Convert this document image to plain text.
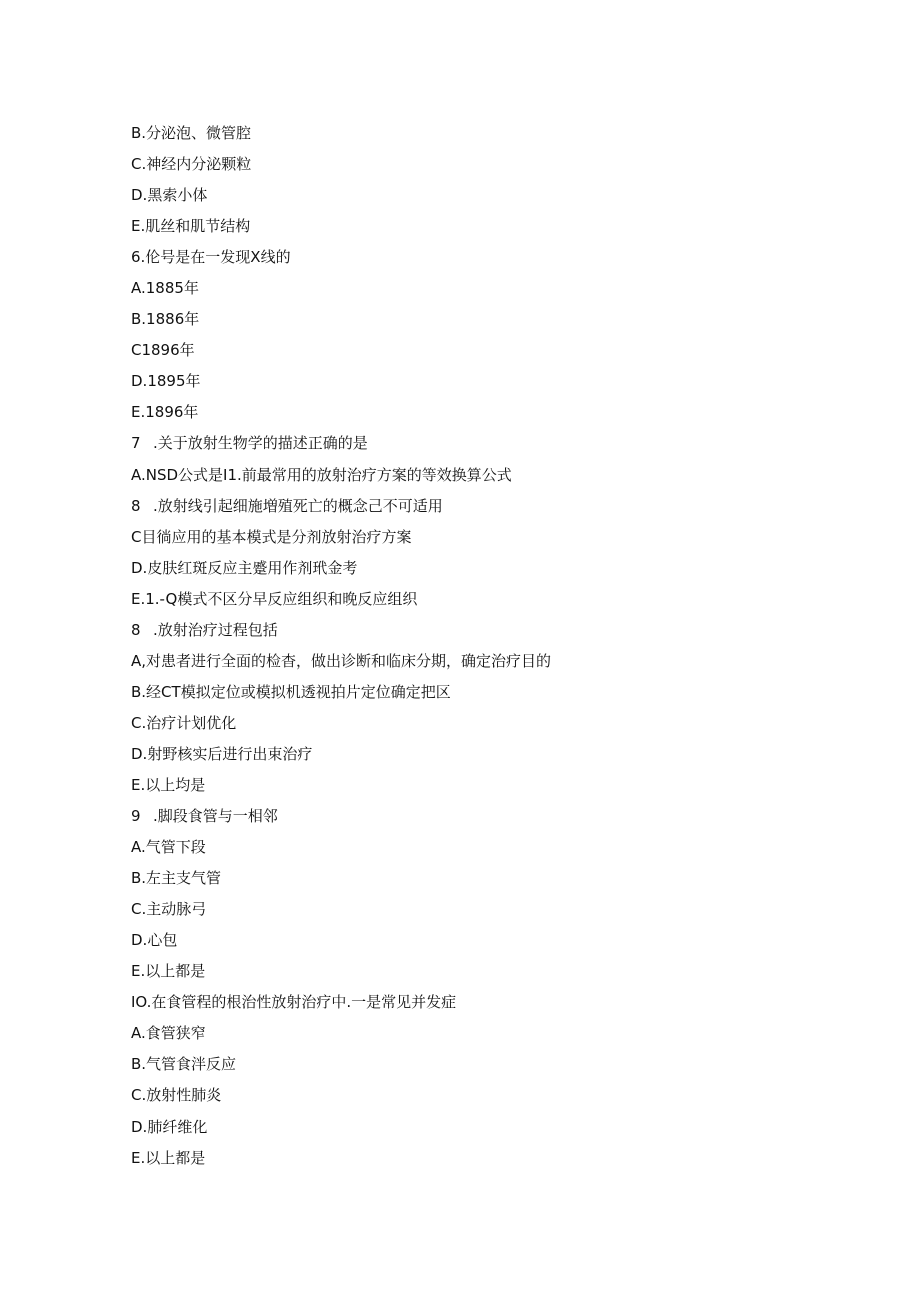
B.分泌泡、微管腔
C.神经内分泌颗粒
D.黑索小体
E.肌丝和肌节结构
6.伦号是在一发现X线的
A.1885年
B.1886年
C1896年
D.1895年
E.1896年
7 .关于放射生物学的描述正确的是
A.NSD公式是I1.前最常用的放射治疗方案的等效换算公式
8 .放射线引起细施増殖死亡的概念己不可适用
C目徜应用的基本模式是分剂放射治疗方案
D.皮肤红斑反应主蹙用作剂玳金考
E.1.-Q模式不区分早反应组织和晚反应组织
8 .放射治疗过程包括
A,对患者进行全面的检杳，做出诊断和临床分期，确定治疗目的
B.经CT模拟定位或模拟机透视拍片定位确定把区
C.治疗计划优化
D.射野核实后进行出束治疗
E.以上均是
9 .脚段食管与一相邻
A.气管下段
B.左主支气管
C.主动脉弓
D.心包
E.以上都是
IO.在食管程的根治性放射治疗中.一是常见并发症
A.食管狭窄
B.气管食泮反应
C.放射性肺炎
D.肺纤维化
E.以上都是
